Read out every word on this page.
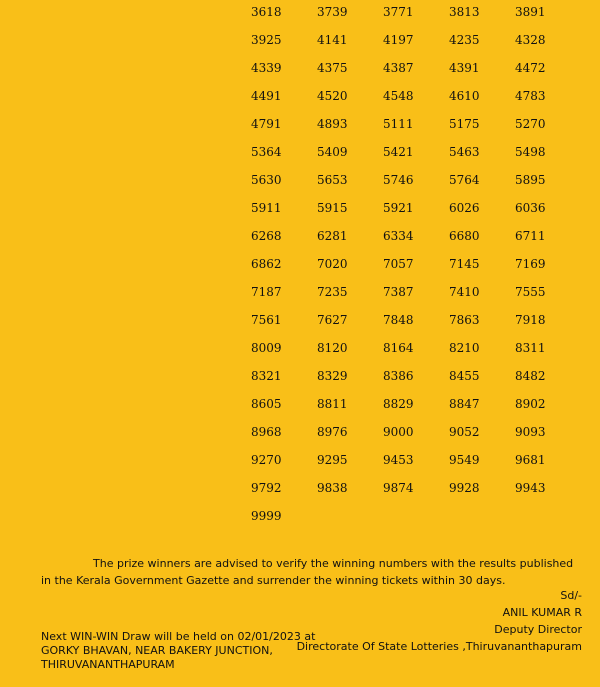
3618	3739	3771	3813	3891
3925	4141	4197	4235	4328
4339	4375	4387	4391	4472
4491	4520	4548	4610	4783
4791	4893	5111	5175	5270
5364	5409	5421	5463	5498
5630	5653	5746	5764	5895
5911	5915	5921	6026	6036
6268	6281	6334	6680	6711
6862	7020	7057	7145	7169
7187	7235	7387	7410	7555
7561	7627	7848	7863	7918
8009	8120	8164	8210	8311
8321	8329	8386	8455	8482
8605	8811	8829	8847	8902
8968	8976	9000	9052	9093
9270	9295	9453	9549	9681
9792	9838	9874	9928	9943
9999
The prize winners are advised to verify the winning numbers with the results published in the Kerala Government Gazette and surrender the winning tickets within 30 days.
Sd/-
ANIL KUMAR R
Deputy Director
Directorate Of State Lotteries ,Thiruvananthapuram
Next WIN-WIN Draw will be held on 02/01/2023 at
GORKY BHAVAN, NEAR BAKERY JUNCTION,
THIRUVANANTHAPURAM
